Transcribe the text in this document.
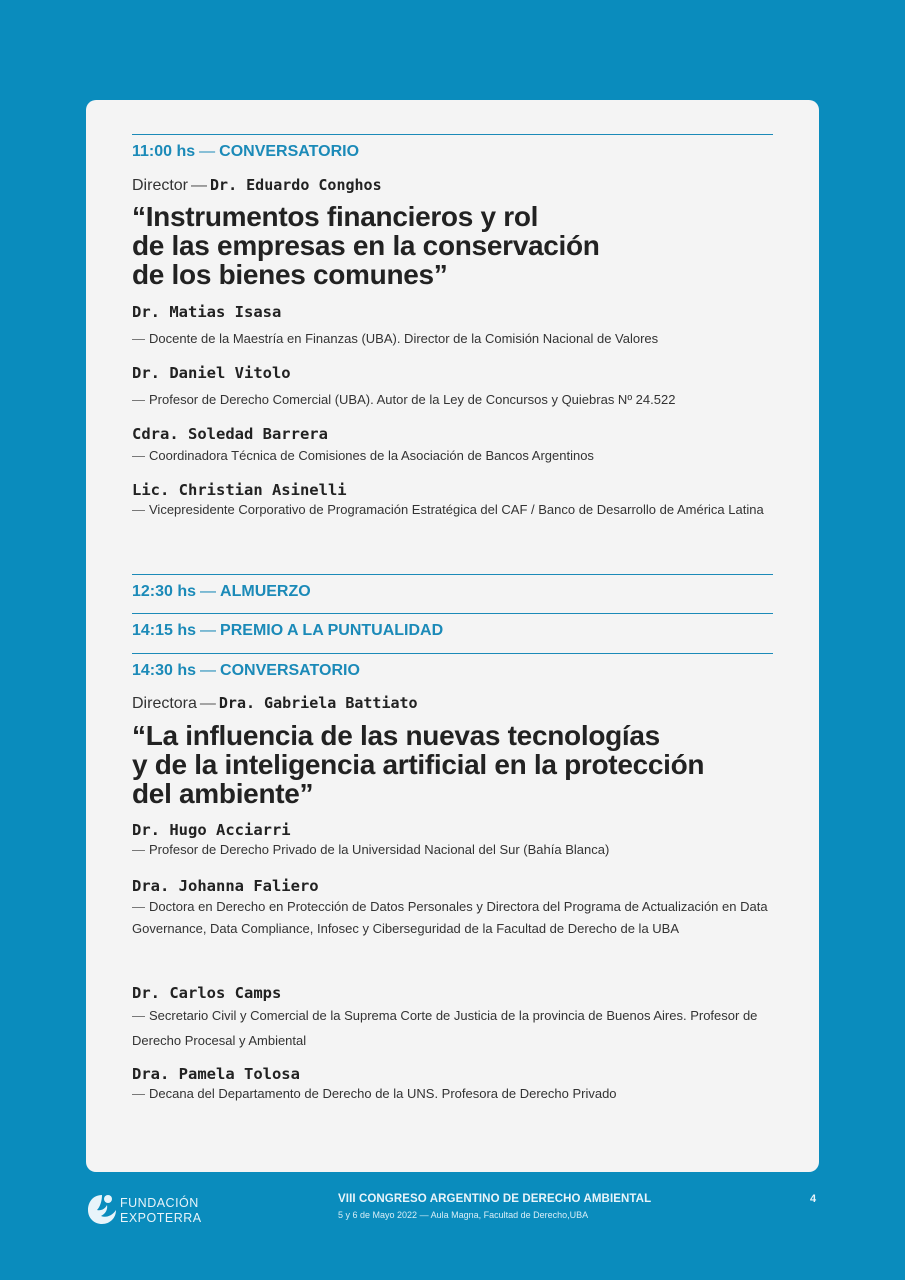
11:00 hs — CONVERSATORIO
Director — Dr. Eduardo Conghos
“Instrumentos financieros y rol
de las empresas en la conservación
de los bienes comunes”
Dr. Matias Isasa
— Docente de la Maestría en Finanzas (UBA). Director de la Comisión Nacional de Valores
Dr. Daniel Vitolo
— Profesor de Derecho Comercial (UBA). Autor de la Ley de Concursos y Quiebras Nº 24.522
Cdra. Soledad Barrera
— Coordinadora Técnica de Comisiones de la Asociación de Bancos Argentinos
Lic. Christian Asinelli
— Vicepresidente Corporativo de Programación Estratégica del CAF / Banco de Desarrollo de América Latina
12:30 hs — ALMUERZO
14:15 hs — PREMIO A LA PUNTUALIDAD
14:30 hs — CONVERSATORIO
Directora — Dra. Gabriela Battiato
“La influencia de las nuevas tecnologías
y de la inteligencia artificial en la protección
del ambiente”
Dr. Hugo Acciarri
— Profesor de Derecho Privado de la Universidad Nacional del Sur (Bahía Blanca)
Dra. Johanna Faliero
— Doctora en Derecho en Protección de Datos Personales y Directora del Programa de Actualización en Data Governance, Data Compliance, Infosec y Ciberseguridad de la Facultad de Derecho de la UBA
Dr. Carlos Camps
— Secretario Civil y Comercial de la Suprema Corte de Justicia de la provincia de Buenos Aires. Profesor de Derecho Procesal y Ambiental
Dra. Pamela Tolosa
— Decana del Departamento de Derecho de la UNS. Profesora de Derecho Privado
FUNDACIÓN
EXPOTERRA
VIII CONGRESO ARGENTINO DE DERECHO AMBIENTAL
5 y 6 de Mayo 2022 — Aula Magna, Facultad de Derecho,UBA
4
